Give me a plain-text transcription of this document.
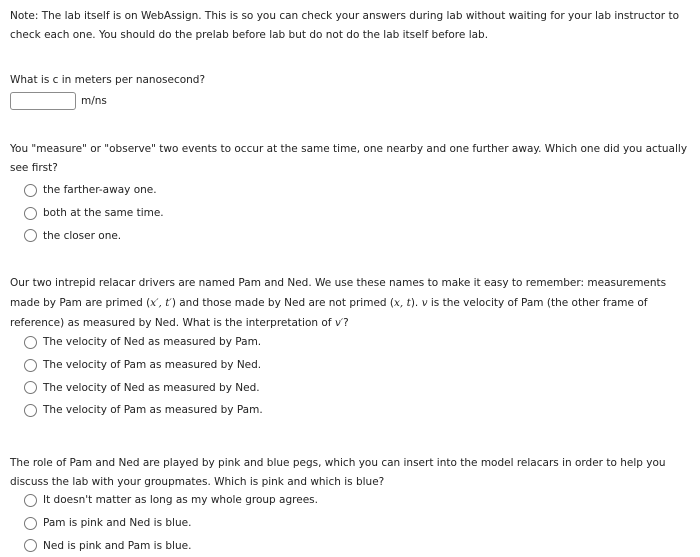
Note: The lab itself is on WebAssign. This is so you can check your answers during lab without waiting for your lab instructor to check each one. You should do the prelab before lab but do not do the lab itself before lab.
What is c in meters per nanosecond?
m/ns
You "measure" or "observe" two events to occur at the same time, one nearby and one further away. Which one did you actually see first?
the farther-away one.
both at the same time.
the closer one.
Our two intrepid relacar drivers are named Pam and Ned. We use these names to make it easy to remember: measurements made by Pam are primed (x′, t′) and those made by Ned are not primed (x, t). v is the velocity of Pam (the other frame of reference) as measured by Ned. What is the interpretation of v′?
The velocity of Ned as measured by Pam.
The velocity of Pam as measured by Ned.
The velocity of Ned as measured by Ned.
The velocity of Pam as measured by Pam.
The role of Pam and Ned are played by pink and blue pegs, which you can insert into the model relacars in order to help you discuss the lab with your groupmates. Which is pink and which is blue?
It doesn't matter as long as my whole group agrees.
Pam is pink and Ned is blue.
Ned is pink and Pam is blue.
